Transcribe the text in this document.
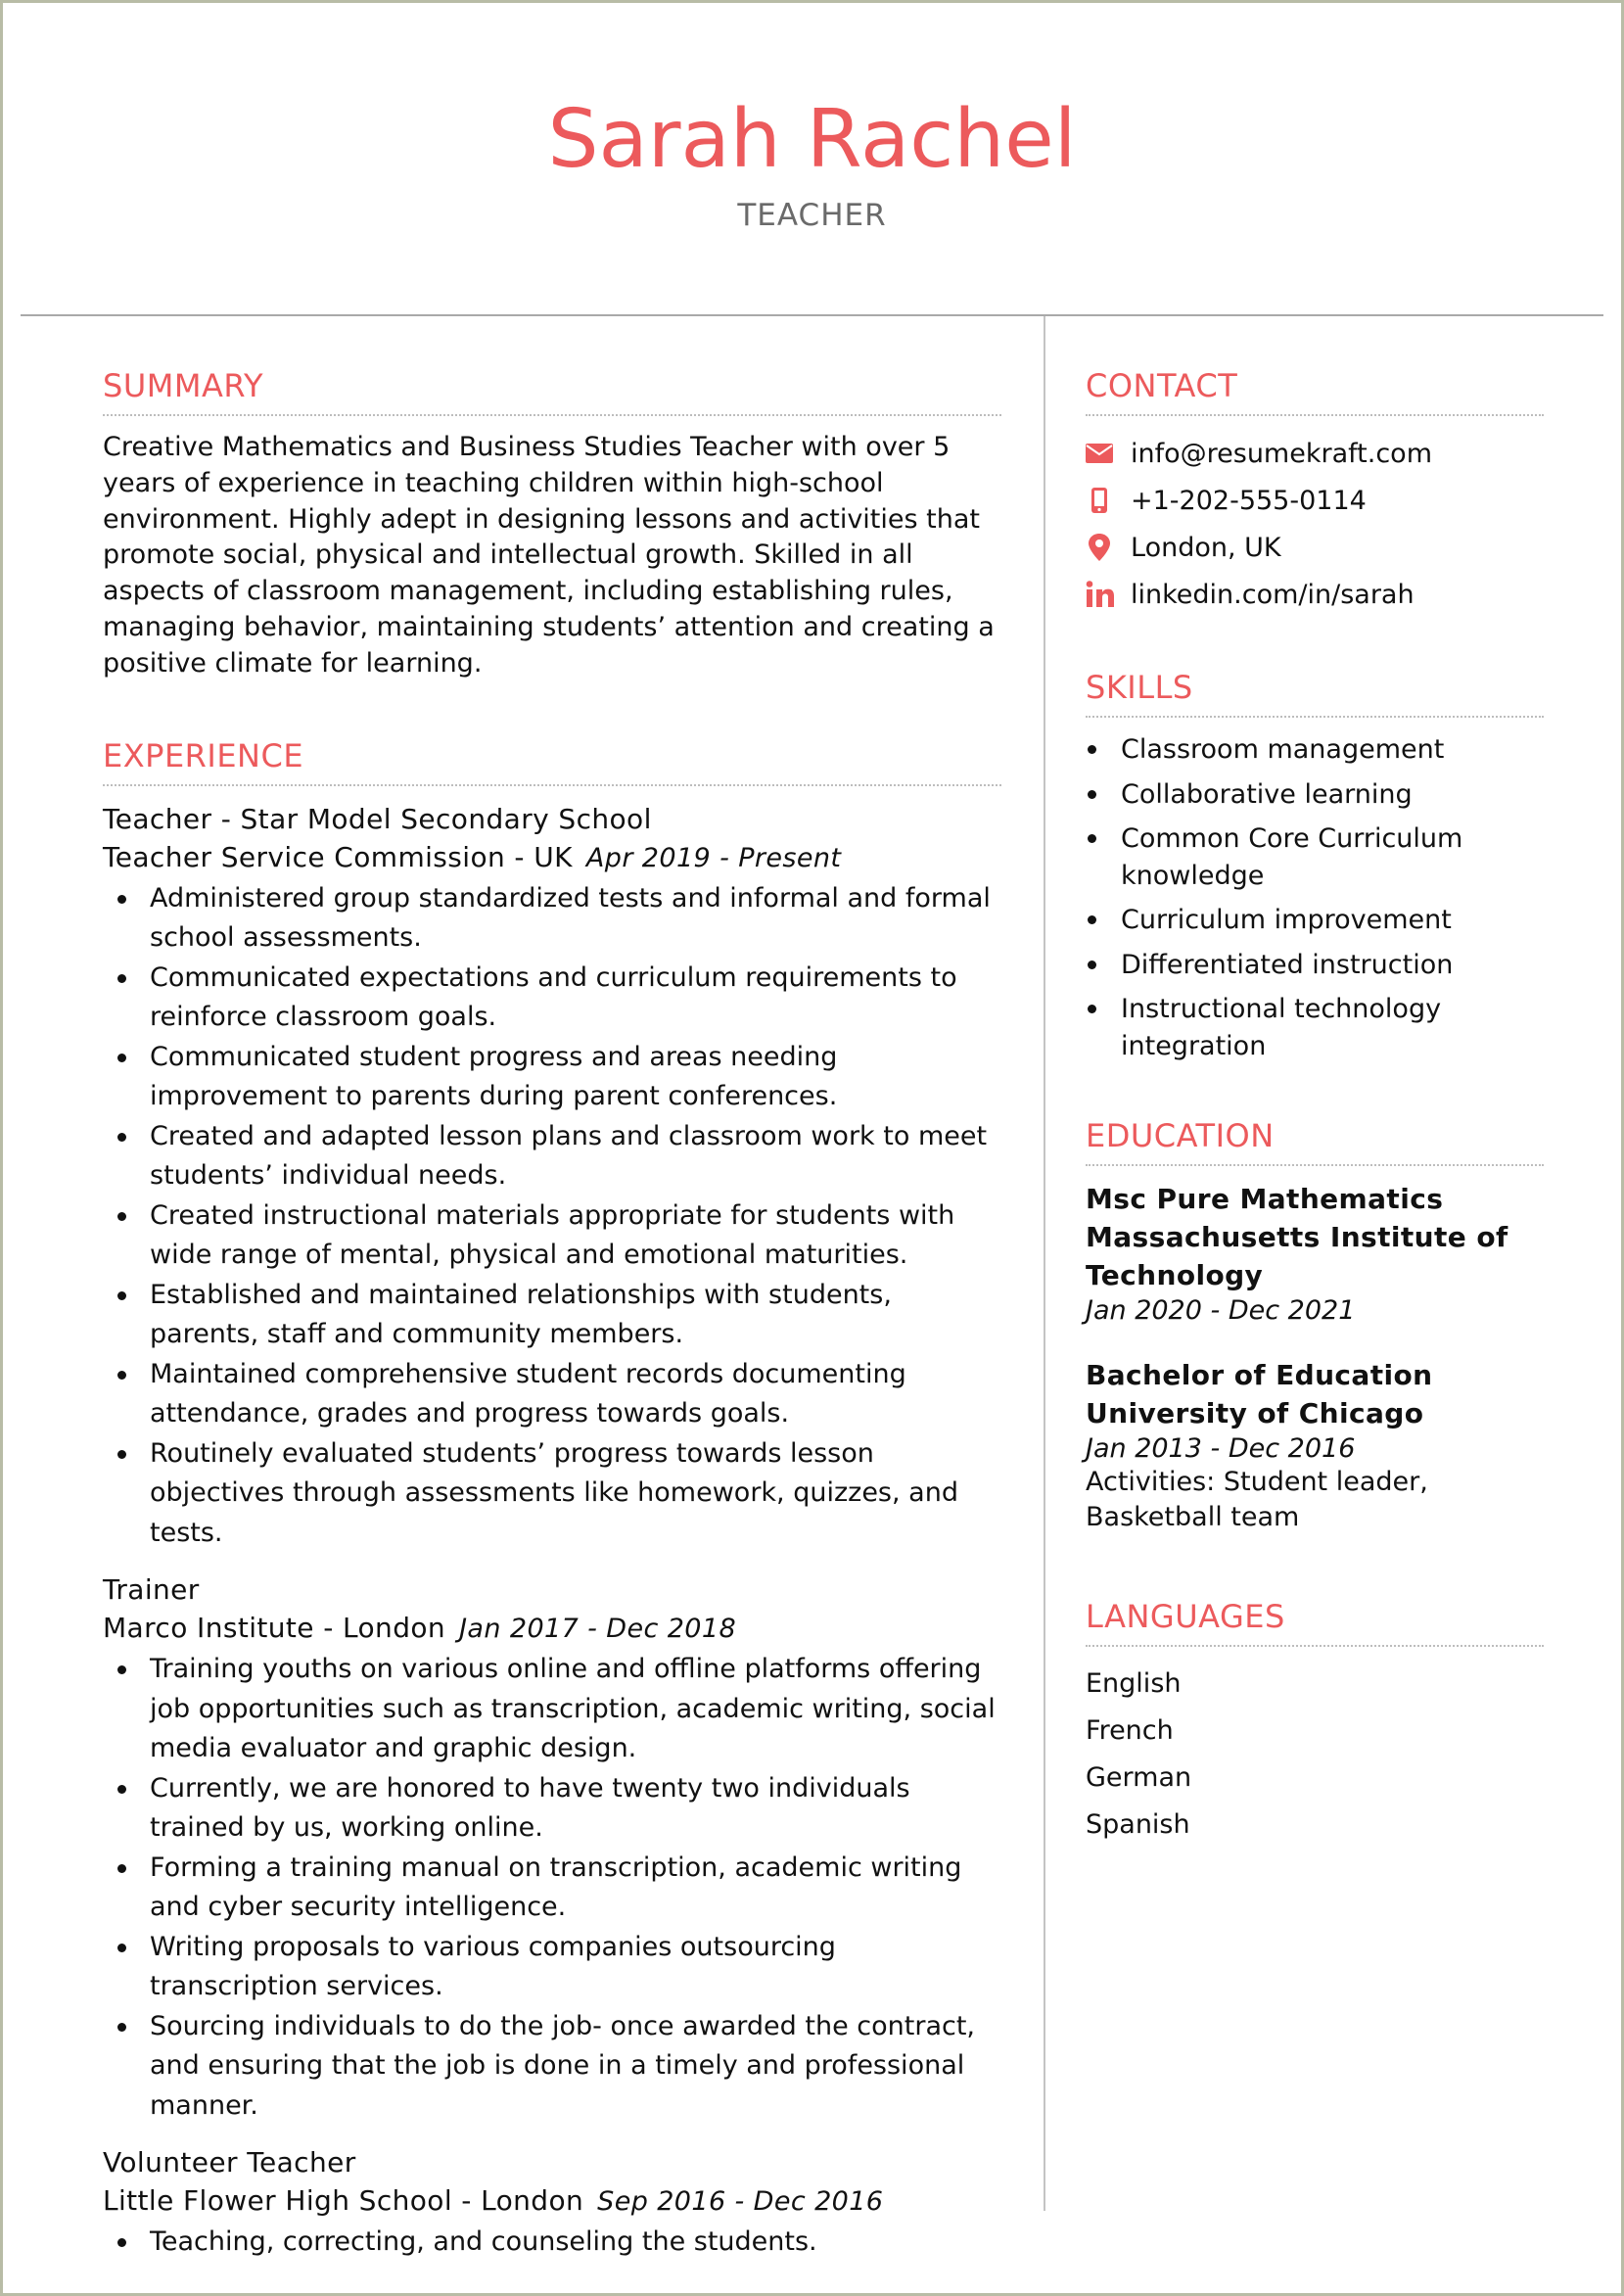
Sarah Rachel
TEACHER
SUMMARY

Creative Mathematics and Business Studies Teacher with over 5 years of experience in teaching children within high-school environment. Highly adept in designing lessons and activities that promote social, physical and intellectual growth. Skilled in all aspects of classroom management, including establishing rules, managing behavior, maintaining students’ attention and creating a positive climate for learning.

EXPERIENCE
Teacher - Star Model Secondary School
Teacher Service Commission - UK Apr 2019 - Present
Administered group standardized tests and informal and formal school assessments.
Communicated expectations and curriculum requirements to reinforce classroom goals.
Communicated student progress and areas needing improvement to parents during parent conferences.
Created and adapted lesson plans and classroom work to meet students’ individual needs.
Created instructional materials appropriate for students with wide range of mental, physical and emotional maturities.
Established and maintained relationships with students, parents, staff and community members.
Maintained comprehensive student records documenting attendance, grades and progress towards goals.
Routinely evaluated students’ progress towards lesson objectives through assessments like homework, quizzes, and tests.
Trainer
Marco Institute - London Jan 2017 - Dec 2018
Training youths on various online and offline platforms offering job opportunities such as transcription, academic writing, social media evaluator and graphic design.
Currently, we are honored to have twenty two individuals trained by us, working online.
Forming a training manual on transcription, academic writing and cyber security intelligence.
Writing proposals to various companies outsourcing transcription services.
Sourcing individuals to do the job- once awarded the contract, and ensuring that the job is done in a timely and professional manner.
Volunteer Teacher
Little Flower High School - London Sep 2016 - Dec 2016
Teaching, correcting, and counseling the students.
CONTACT
info@resumekraft.com
+1-202-555-0114
London, UK
linkedin.com/in/sarah
SKILLS
Classroom management
Collaborative learning
Common Core Curriculum knowledge
Curriculum improvement
Differentiated instruction
Instructional technology integration
EDUCATION
Msc Pure Mathematics
Massachusetts Institute of Technology
Jan 2020 - Dec 2021
Bachelor of Education
University of Chicago
Jan 2013 - Dec 2016
Activities: Student leader, Basketball team
LANGUAGES
English
French
German
Spanish
